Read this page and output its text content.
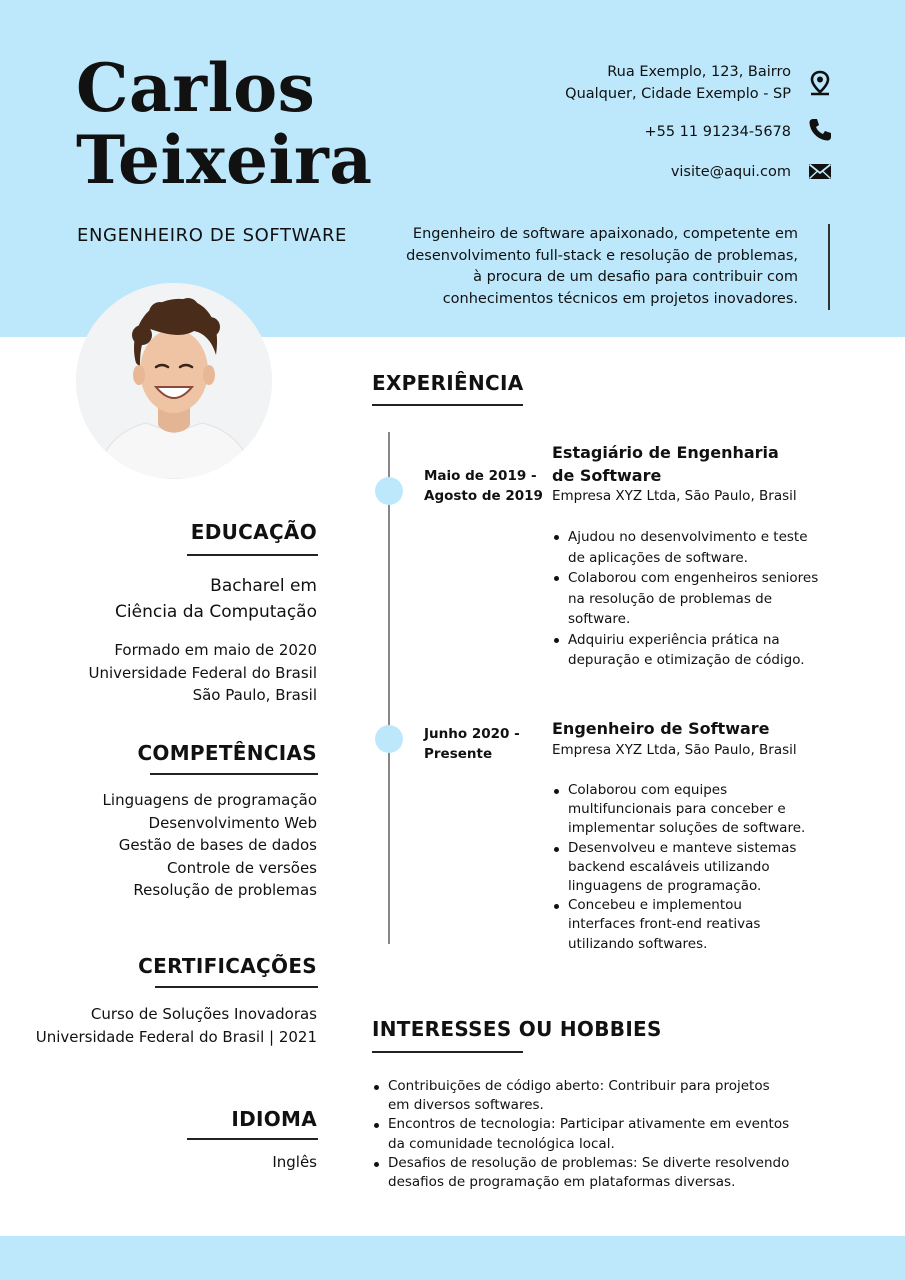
Carlos
Teixeira
Rua Exemplo, 123, Bairro
Qualquer, Cidade Exemplo - SP
+55 11 91234-5678
visite@aqui.com
ENGENHEIRO DE SOFTWARE	Engenheiro de software apaixonado, competente em
desenvolvimento full-stack e resolução de problemas,
à procura de um desafio para contribuir com
conhecimentos técnicos em projetos inovadores.
EDUCAÇÃO
Bacharel em
Ciência da Computação
Formado em maio de 2020
Universidade Federal do Brasil
São Paulo, Brasil
COMPETÊNCIAS
Linguagens de programação
Desenvolvimento Web
Gestão de bases de dados
Controle de versões
Resolução de problemas
CERTIFICAÇÕES
Curso de Soluções Inovadoras
Universidade Federal do Brasil | 2021
IDIOMA
Inglês
EXPERIÊNCIA
Maio de 2019 -
Agosto de 2019
Estagiário de Engenharia
de Software
Empresa XYZ Ltda, São Paulo, Brasil
Ajudou no desenvolvimento e teste
de aplicações de software.
Colaborou com engenheiros seniores
na resolução de problemas de
software.
Adquiriu experiência prática na
depuração e otimização de código.
Junho 2020 -
Presente
Engenheiro de Software
Empresa XYZ Ltda, São Paulo, Brasil
Colaborou com equipes
multifuncionais para conceber e
implementar soluções de software.
Desenvolveu e manteve sistemas
backend escaláveis utilizando
linguagens de programação.
Concebeu e implementou
interfaces front-end reativas
utilizando softwares.
INTERESSES OU HOBBIES
Contribuições de código aberto: Contribuir para projetos
em diversos softwares.
Encontros de tecnologia: Participar ativamente em eventos
da comunidade tecnológica local.
Desafios de resolução de problemas: Se diverte resolvendo
desafios de programação em plataformas diversas.
